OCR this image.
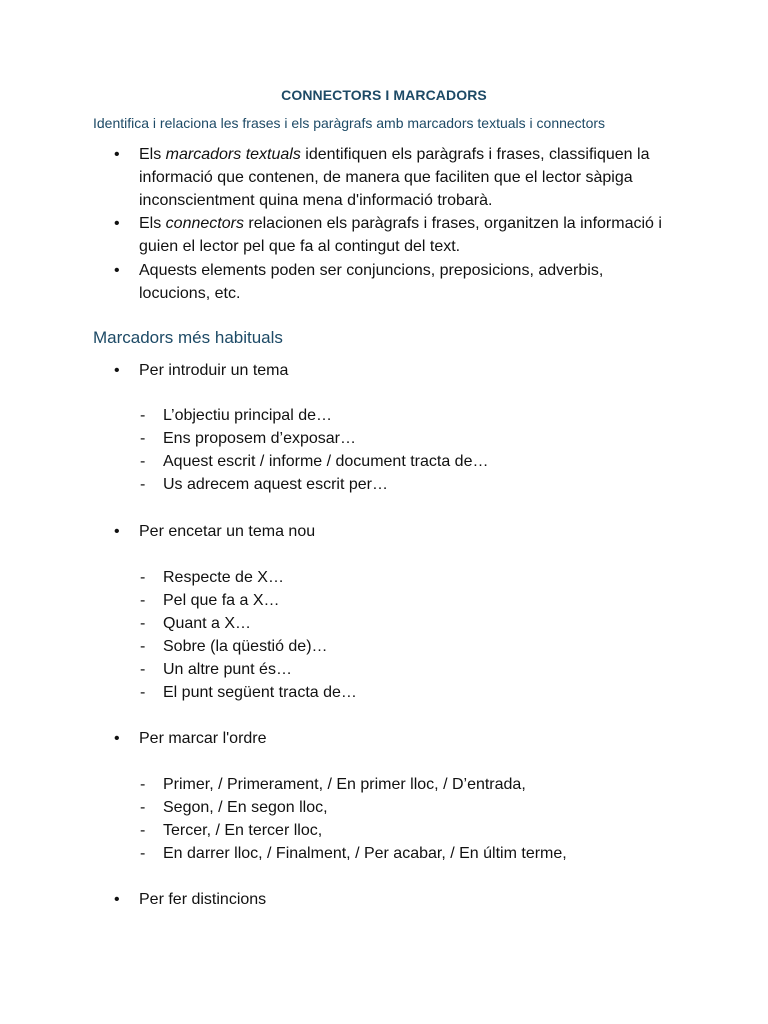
CONNECTORS I MARCADORS
Identifica i relaciona les frases i els paràgrafs amb marcadors textuals i connectors
• Els marcadors textuals identifiquen els paràgrafs i frases, classifiquen la informació que contenen, de manera que faciliten que el lector sàpiga inconscientment quina mena d'informació trobarà.
• Els connectors relacionen els paràgrafs i frases, organitzen la informació i guien el lector pel que fa al contingut del text.
• Aquests elements poden ser conjuncions, preposicions, adverbis, locucions, etc.
Marcadors més habituals
• Per introduir un tema
- L’objectiu principal de…
- Ens proposem d’exposar…
- Aquest escrit / informe / document tracta de…
- Us adrecem aquest escrit per…
• Per encetar un tema nou
- Respecte de X…
- Pel que fa a X…
- Quant a X…
- Sobre (la qüestió de)…
- Un altre punt és…
- El punt següent tracta de…
• Per marcar l'ordre
- Primer, / Primerament, / En primer lloc, / D’entrada,
- Segon, / En segon lloc,
- Tercer, / En tercer lloc,
- En darrer lloc, / Finalment, / Per acabar, / En últim terme,
• Per fer distincions
